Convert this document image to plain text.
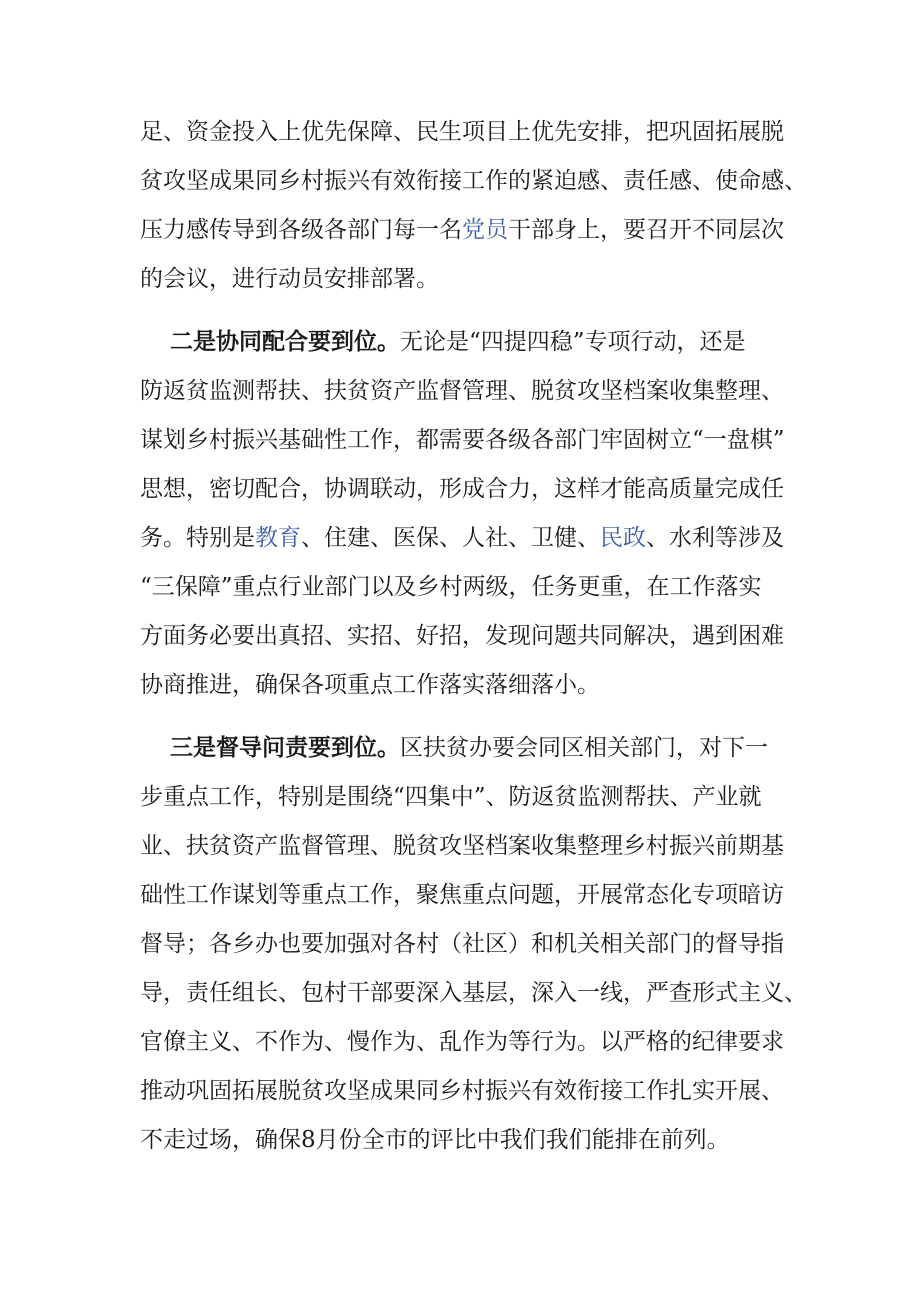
足、资金投入上优先保障、民生项目上优先安排，把巩固拓展脱
贫攻坚成果同乡村振兴有效衔接工作的紧迫感、责任感、使命感、
压力感传导到各级各部门每一名党员干部身上，要召开不同层次
的会议，进行动员安排部署。
二是协同配合要到位。无论是“四提四稳”专项行动，还是
防返贫监测帮扶、扶贫资产监督管理、脱贫攻坚档案收集整理、
谋划乡村振兴基础性工作，都需要各级各部门牢固树立“一盘棋”
思想，密切配合，协调联动，形成合力，这样才能高质量完成任
务。特别是教育、住建、医保、人社、卫健、民政、水利等涉及
“三保障”重点行业部门以及乡村两级，任务更重，在工作落实
方面务必要出真招、实招、好招，发现问题共同解决，遇到困难
协商推进，确保各项重点工作落实落细落小。
三是督导问责要到位。区扶贫办要会同区相关部门，对下一
步重点工作，特别是围绕“四集中”、防返贫监测帮扶、产业就
业、扶贫资产监督管理、脱贫攻坚档案收集整理乡村振兴前期基
础性工作谋划等重点工作，聚焦重点问题，开展常态化专项暗访
督导；各乡办也要加强对各村（社区）和机关相关部门的督导指
导，责任组长、包村干部要深入基层，深入一线，严查形式主义、
官僚主义、不作为、慢作为、乱作为等行为。以严格的纪律要求
推动巩固拓展脱贫攻坚成果同乡村振兴有效衔接工作扎实开展、
不走过场，确保8月份全市的评比中我们我们能排在前列。
